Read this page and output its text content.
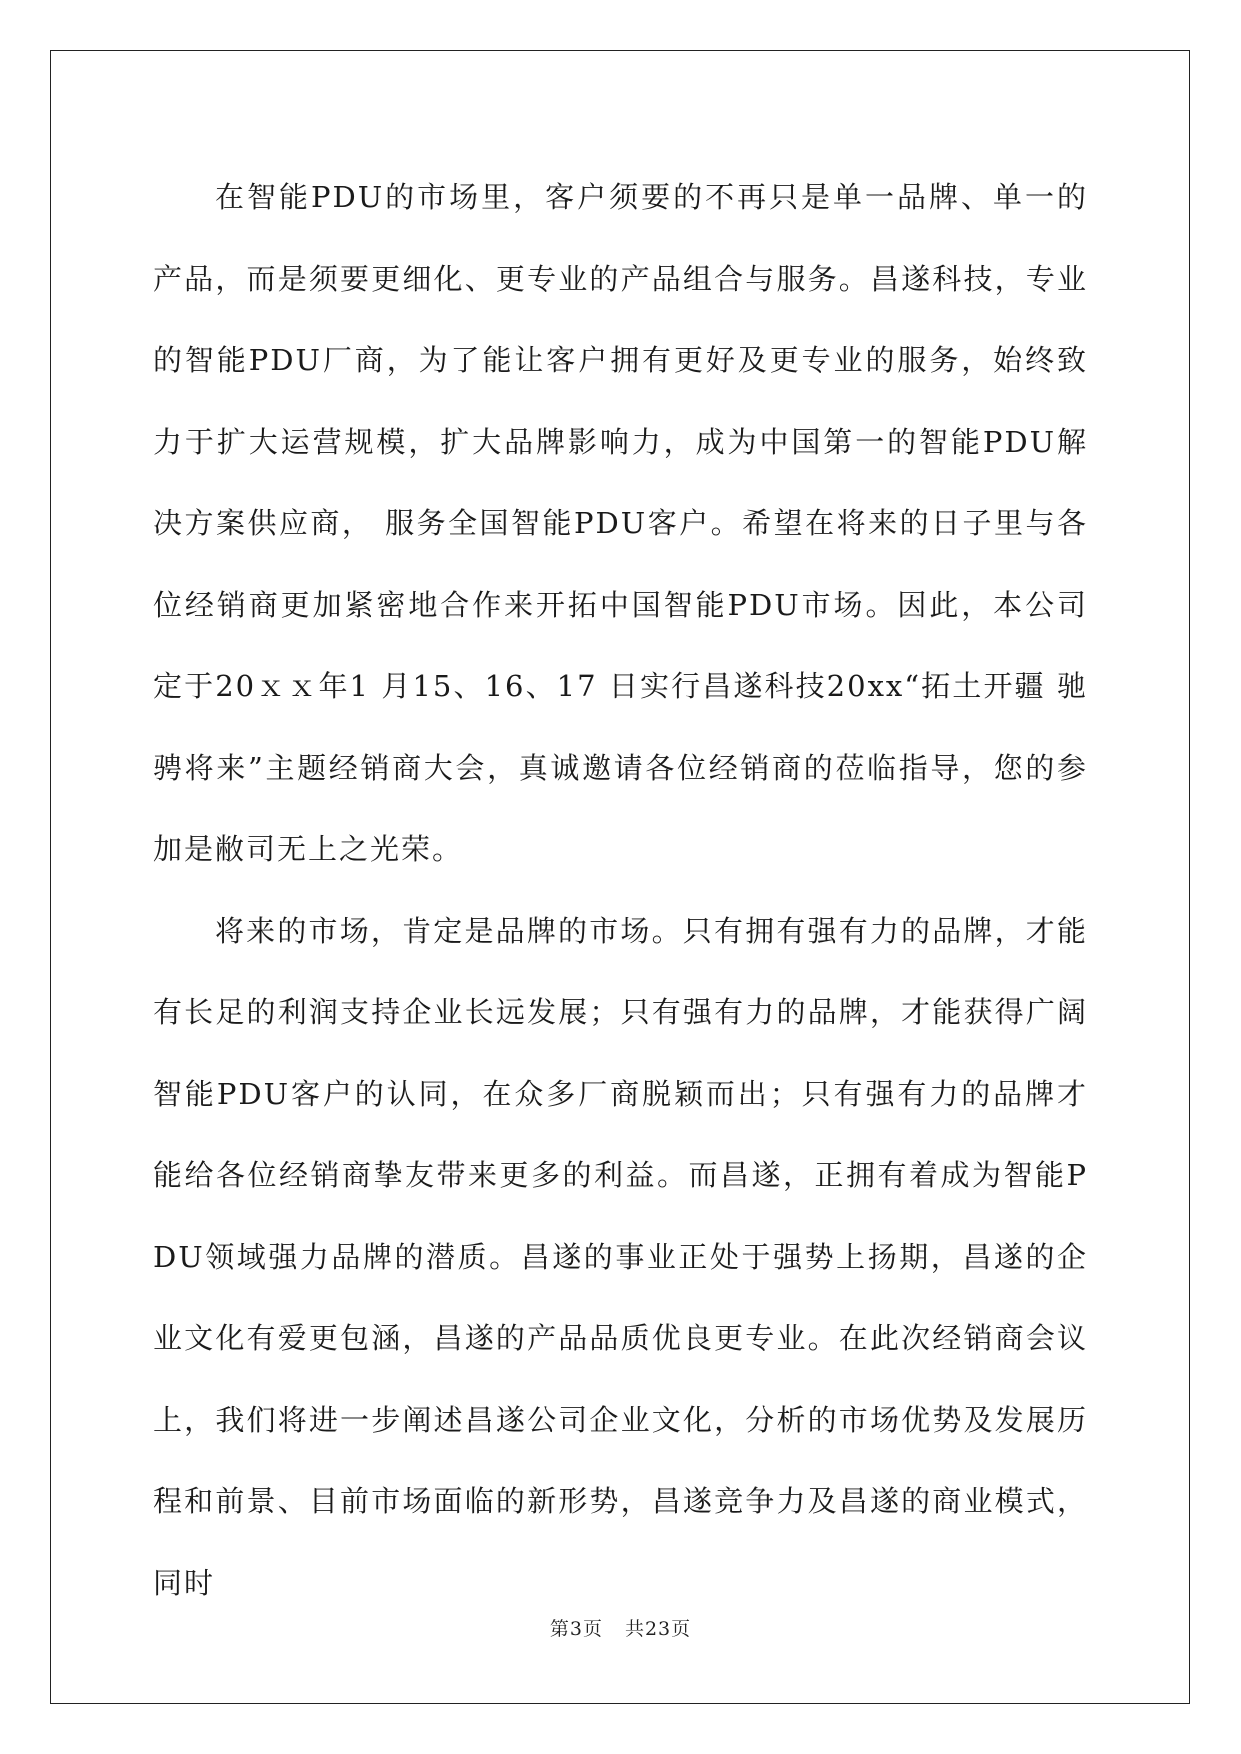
在智能PDU的市场里，客户须要的不再只是单一品牌、单一的产品，而是须要更细化、更专业的产品组合与服务。昌遂科技，专业的智能PDU厂商，为了能让客户拥有更好及更专业的服务，始终致力于扩大运营规模，扩大品牌影响力，成为中国第一的智能PDU解决方案供应商， 服务全国智能PDU客户。希望在将来的日子里与各位经销商更加紧密地合作来开拓中国智能PDU市场。因此，本公司定于20ｘｘ年1 月15、16、17 日实行昌遂科技20xx“拓土开疆 驰骋将来”主题经销商大会，真诚邀请各位经销商的莅临指导，您的参加是敝司无上之光荣。

将来的市场，肯定是品牌的市场。只有拥有强有力的品牌，才能有长足的利润支持企业长远发展；只有强有力的品牌，才能获得广阔智能PDU客户的认同，在众多厂商脱颖而出；只有强有力的品牌才能给各位经销商挚友带来更多的利益。而昌遂，正拥有着成为智能PDU领域强力品牌的潜质。昌遂的事业正处于强势上扬期，昌遂的企业文化有爱更包涵，昌遂的产品品质优良更专业。在此次经销商会议上，我们将进一步阐述昌遂公司企业文化，分析的市场优势及发展历程和前景、目前市场面临的新形势，昌遂竞争力及昌遂的商业模式，同时

第3页 共23页
